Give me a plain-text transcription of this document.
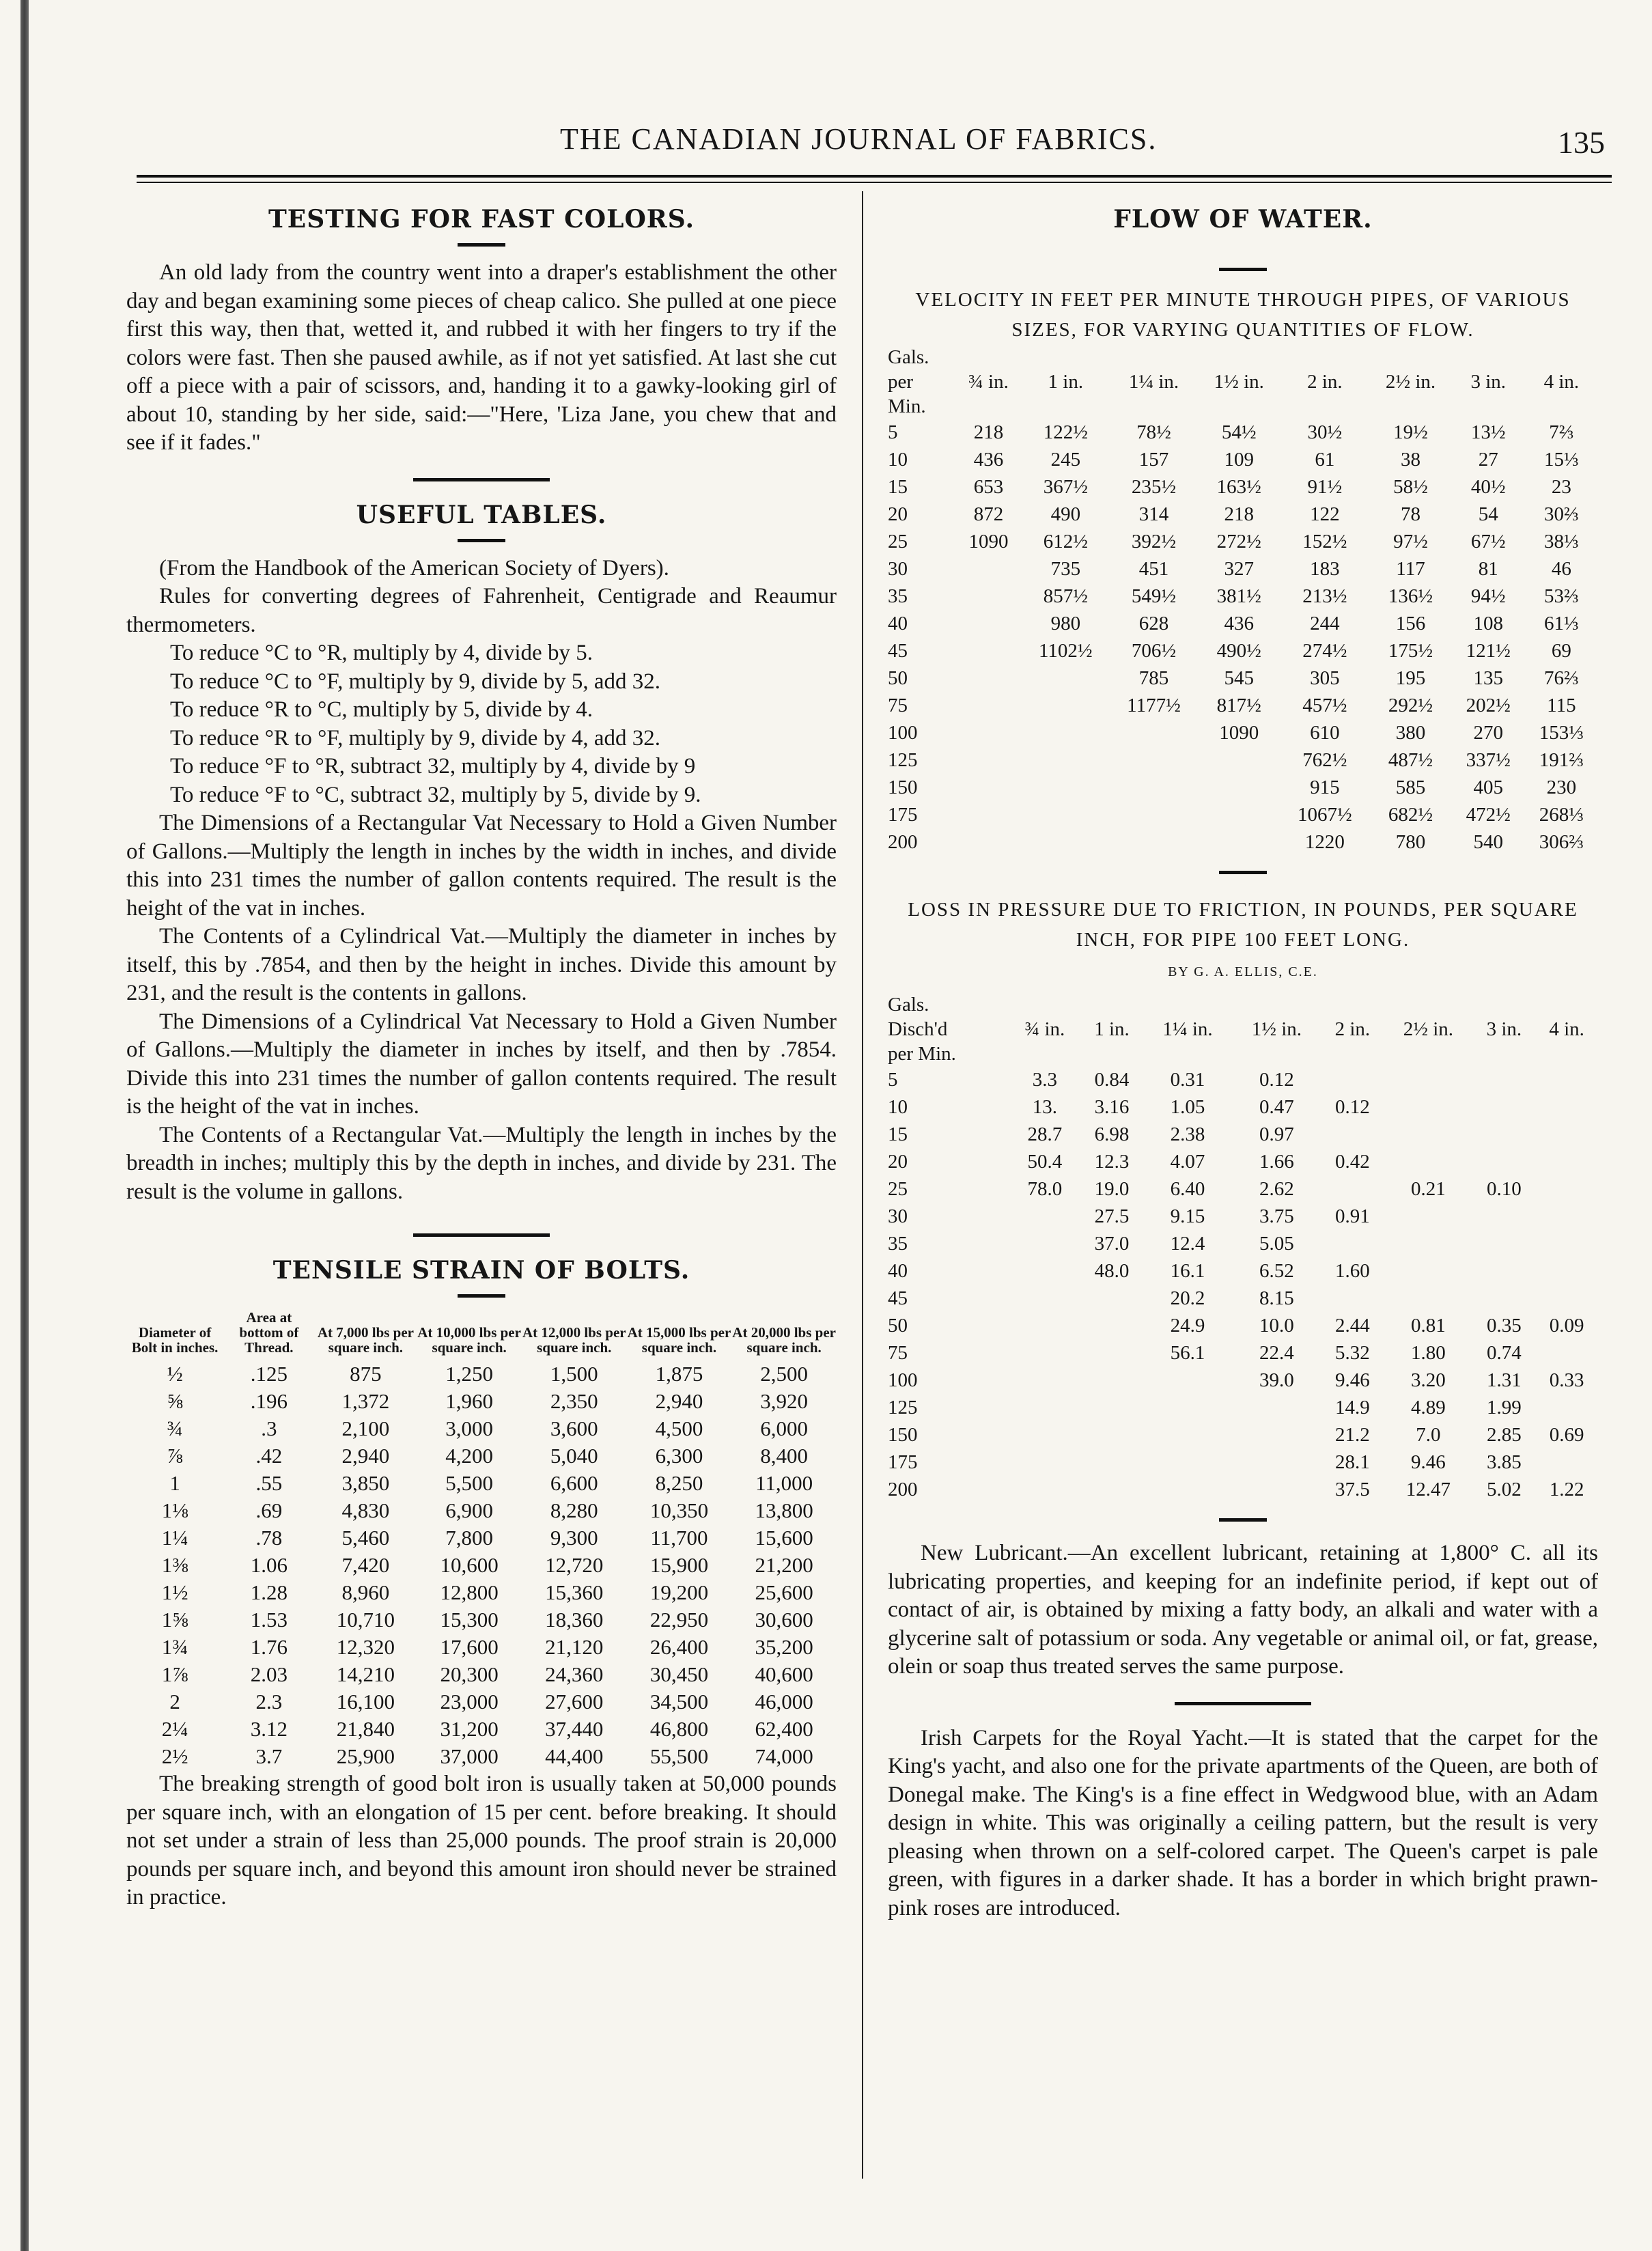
THE CANADIAN JOURNAL OF FABRICS.	135
TESTING FOR FAST COLORS.

An old lady from the country went into a draper's establishment the other day and began examining some pieces of cheap calico. She pulled at one piece first this way, then that, wetted it, and rubbed it with her fingers to try if the colors were fast. Then she paused awhile, as if not yet satisfied. At last she cut off a piece with a pair of scissors, and, handing it to a gawky-looking girl of about 10, standing by her side, said:—"Here, 'Liza Jane, you chew that and see if it fades."

USEFUL TABLES.

(From the Handbook of the American Society of Dyers).

Rules for converting degrees of Fahrenheit, Centigrade and Reaumur thermometers.

To reduce °C to °R, multiply by 4, divide by 5.
To reduce °C to °F, multiply by 9, divide by 5, add 32.
To reduce °R to °C, multiply by 5, divide by 4.
To reduce °R to °F, multiply by 9, divide by 4, add 32.
To reduce °F to °R, subtract 32, multiply by 4, divide by 9
To reduce °F to °C, subtract 32, multiply by 5, divide by 9.

The Dimensions of a Rectangular Vat Necessary to Hold a Given Number of Gallons.—Multiply the length in inches by the width in inches, and divide this into 231 times the number of gallon contents required. The result is the height of the vat in inches.

The Contents of a Cylindrical Vat.—Multiply the diameter in inches by itself, this by .7854, and then by the height in inches. Divide this amount by 231, and the result is the contents in gallons.

The Dimensions of a Cylindrical Vat Necessary to Hold a Given Number of Gallons.—Multiply the diameter in inches by itself, and then by .7854. Divide this into 231 times the number of gallon contents required. The result is the height of the vat in inches.

The Contents of a Rectangular Vat.—Multiply the length in inches by the breadth in inches; multiply this by the depth in inches, and divide by 231. The result is the volume in gallons.

TENSILE STRAIN OF BOLTS.
Diameter of Bolt in inches.	Area at bottom of Thread.	At 7,000 lbs per square inch.	At 10,000 lbs per square inch.	At 12,000 lbs per square inch.	At 15,000 lbs per square inch.	At 20,000 lbs per square inch.
½	.125	875	1,250	1,500	1,875	2,500
⅝	.196	1,372	1,960	2,350	2,940	3,920
¾	.3	2,100	3,000	3,600	4,500	6,000
⅞	.42	2,940	4,200	5,040	6,300	8,400
1	.55	3,850	5,500	6,600	8,250	11,000
1⅛	.69	4,830	6,900	8,280	10,350	13,800
1¼	.78	5,460	7,800	9,300	11,700	15,600
1⅜	1.06	7,420	10,600	12,720	15,900	21,200
1½	1.28	8,960	12,800	15,360	19,200	25,600
1⅝	1.53	10,710	15,300	18,360	22,950	30,600
1¾	1.76	12,320	17,600	21,120	26,400	35,200
1⅞	2.03	14,210	20,300	24,360	30,450	40,600
2	2.3	16,100	23,000	27,600	34,500	46,000
2¼	3.12	21,840	31,200	37,440	46,800	62,400
2½	3.7	25,900	37,000	44,400	55,500	74,000

The breaking strength of good bolt iron is usually taken at 50,000 pounds per square inch, with an elongation of 15 per cent. before breaking. It should not set under a strain of less than 25,000 pounds. The proof strain is 20,000 pounds per square inch, and beyond this amount iron should never be strained in practice.

FLOW OF WATER.
VELOCITY IN FEET PER MINUTE THROUGH PIPES, OF VARIOUS SIZES, FOR VARYING QUANTITIES OF FLOW.
Gals.								
per	¾ in.	1 in.	1¼ in.	1½ in.	2 in.	2½ in.	3 in.	4 in.
Min.								
5	218	122½	78½	54½	30½	19½	13½	7⅔
10	436	245	157	109	61	38	27	15⅓
15	653	367½	235½	163½	91½	58½	40½	23
20	872	490	314	218	122	78	54	30⅔
25	1090	612½	392½	272½	152½	97½	67½	38⅓
30		735	451	327	183	117	81	46
35		857½	549½	381½	213½	136½	94½	53⅔
40		980	628	436	244	156	108	61⅓
45		1102½	706½	490½	274½	175½	121½	69
50			785	545	305	195	135	76⅔
75			1177½	817½	457½	292½	202½	115
100				1090	610	380	270	153⅓
125					762½	487½	337½	191⅔
150					915	585	405	230
175					1067½	682½	472½	268⅓
200					1220	780	540	306⅔
LOSS IN PRESSURE DUE TO FRICTION, IN POUNDS, PER SQUARE INCH, FOR PIPE 100 FEET LONG.
BY G. A. ELLIS, C.E.
Gals.								
Disch'd	¾ in.	1 in.	1¼ in.	1½ in.	2 in.	2½ in.	3 in.	4 in.
per Min.								
5	3.3	0.84	0.31	0.12				
10	13.	3.16	1.05	0.47	0.12			
15	28.7	6.98	2.38	0.97				
20	50.4	12.3	4.07	1.66	0.42			
25	78.0	19.0	6.40	2.62		0.21	0.10	
30		27.5	9.15	3.75	0.91			
35		37.0	12.4	5.05				
40		48.0	16.1	6.52	1.60			
45			20.2	8.15				
50			24.9	10.0	2.44	0.81	0.35	0.09
75			56.1	22.4	5.32	1.80	0.74	
100				39.0	9.46	3.20	1.31	0.33
125					14.9	4.89	1.99	
150					21.2	7.0	2.85	0.69
175					28.1	9.46	3.85	
200					37.5	12.47	5.02	1.22

New Lubricant.—An excellent lubricant, retaining at 1,800° C. all its lubricating properties, and keeping for an indefinite period, if kept out of contact of air, is obtained by mixing a fatty body, an alkali and water with a glycerine salt of potassium or soda. Any vegetable or animal oil, or fat, grease, olein or soap thus treated serves the same purpose.

Irish Carpets for the Royal Yacht.—It is stated that the carpet for the King's yacht, and also one for the private apartments of the Queen, are both of Donegal make. The King's is a fine effect in Wedgwood blue, with an Adam design in white. This was originally a ceiling pattern, but the result is very pleasing when thrown on a self-colored carpet. The Queen's carpet is pale green, with figures in a darker shade. It has a border in which bright prawn-pink roses are introduced.
